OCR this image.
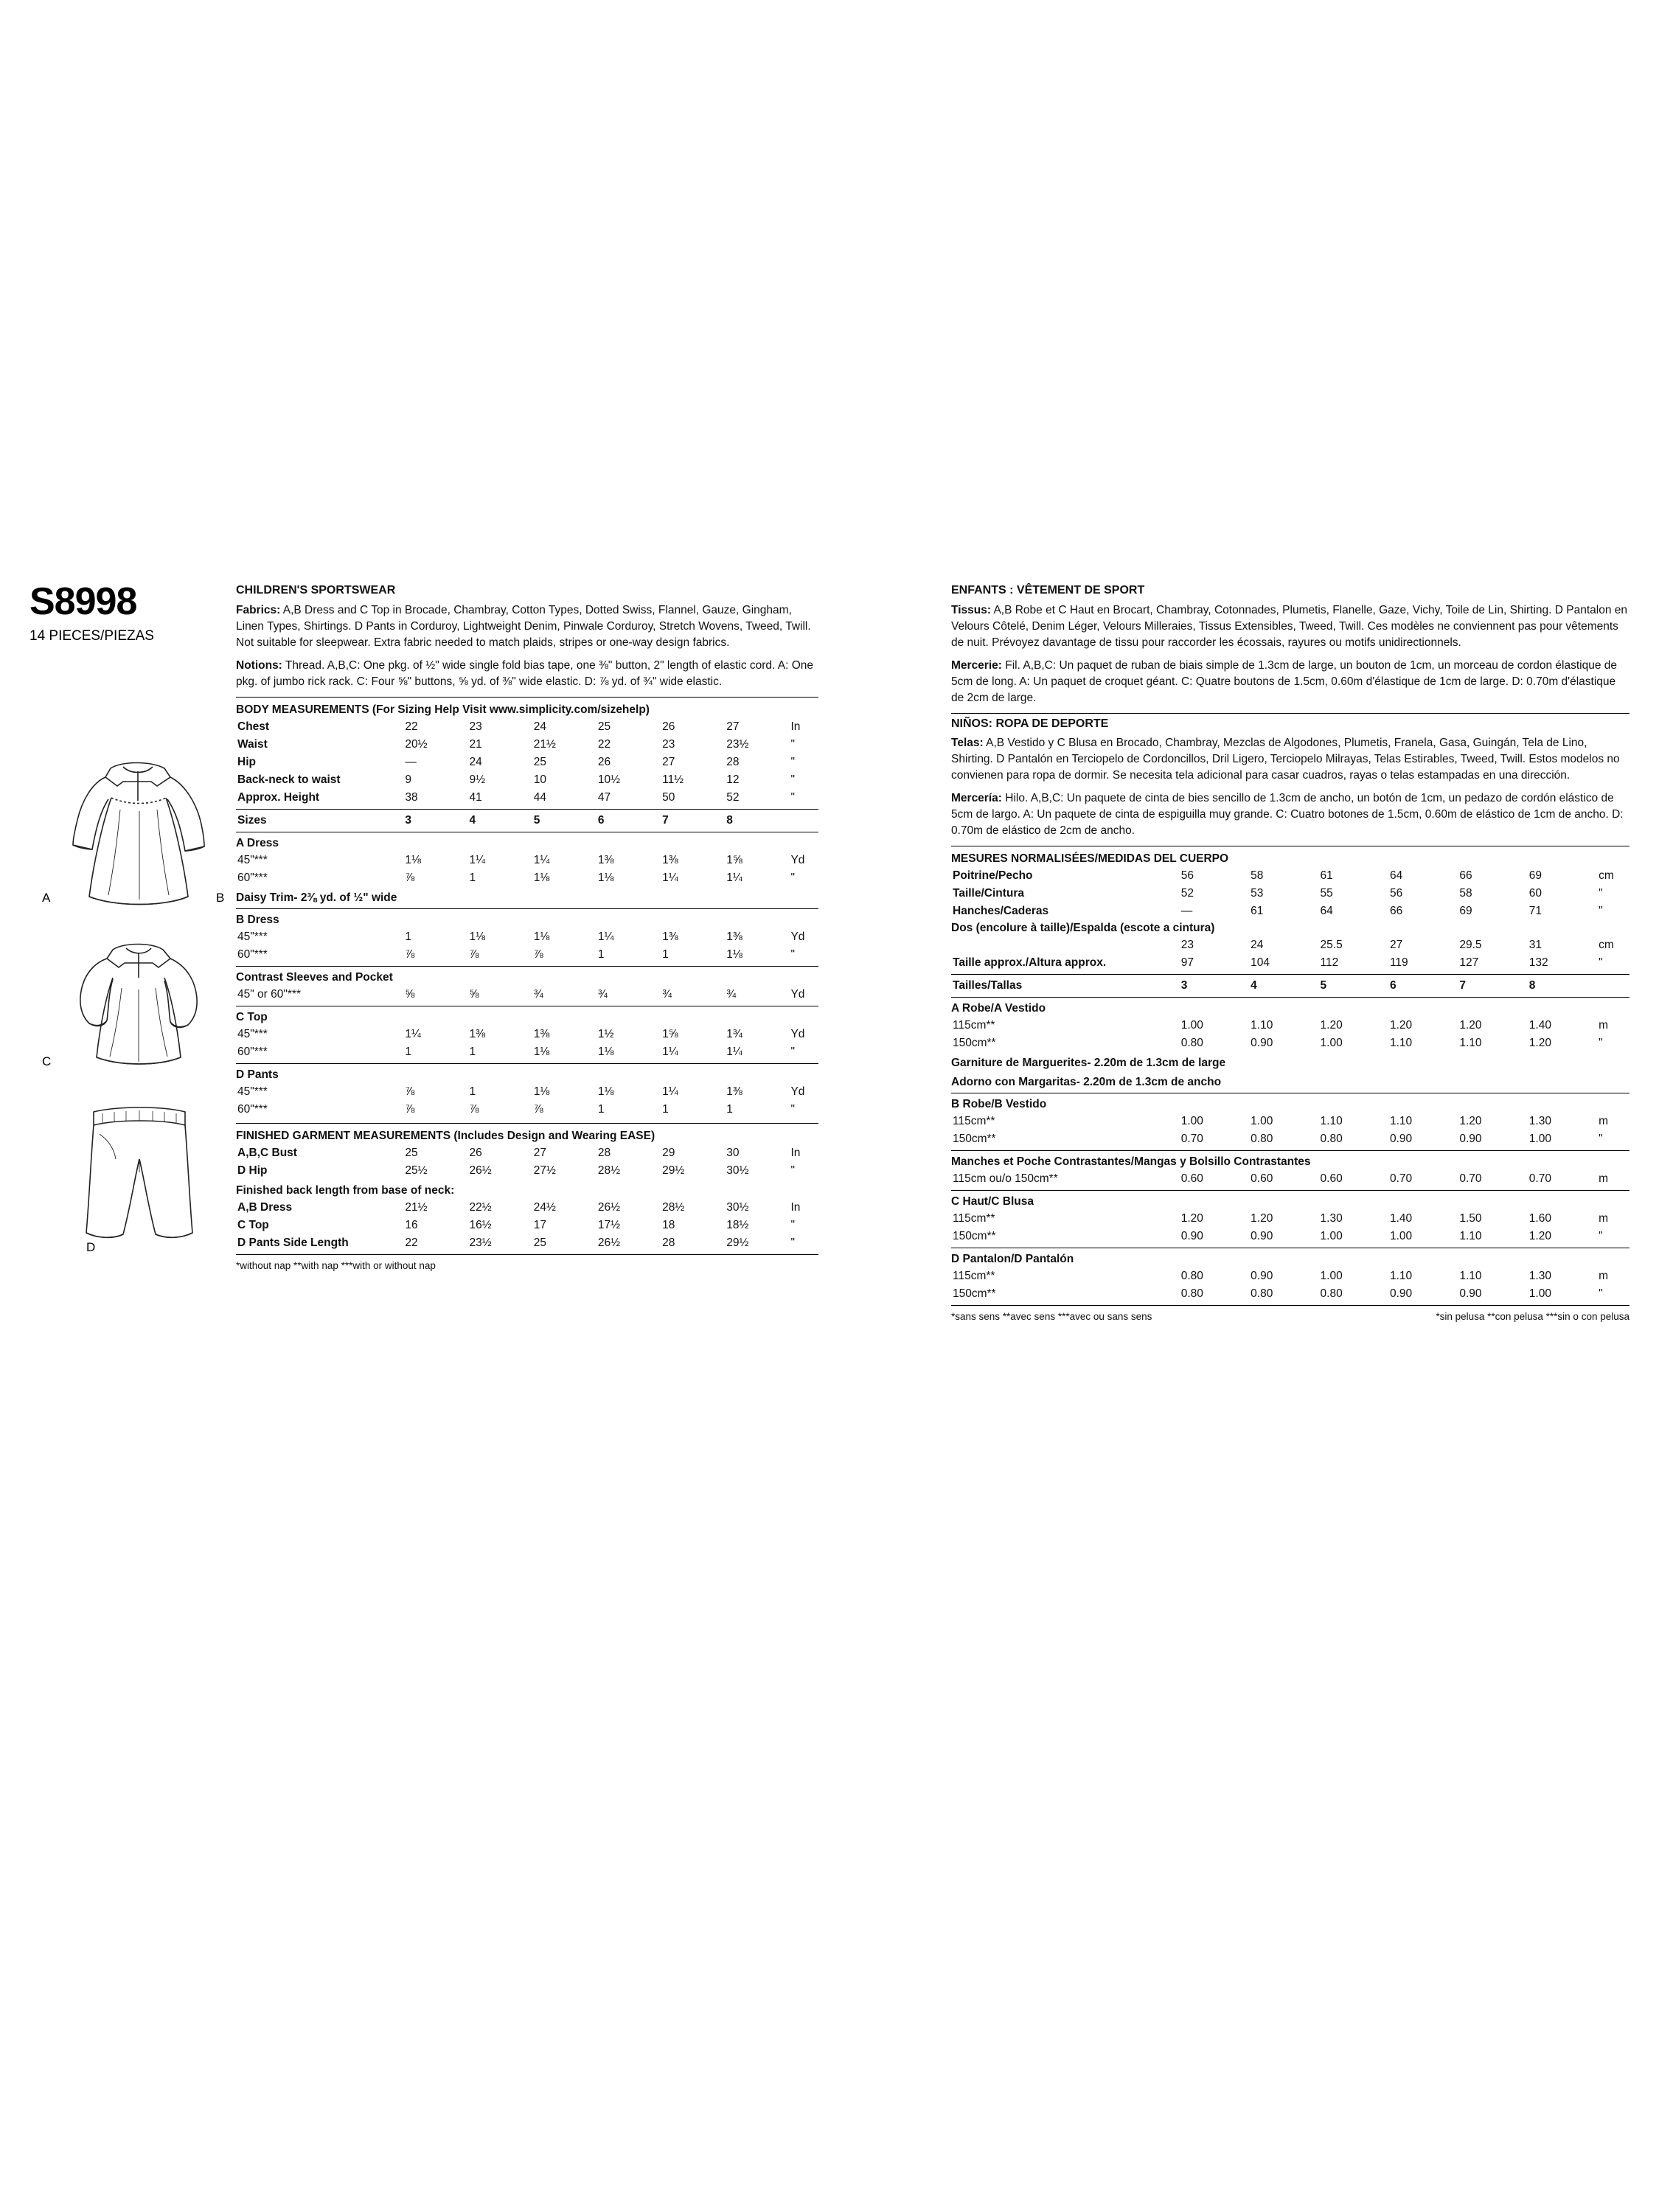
S8998
14 PIECES/PIEZAS
A	B
C
D
CHILDREN'S SPORTSWEAR
Fabrics: A,B Dress and C Top in Brocade, Chambray, Cotton Types, Dotted Swiss, Flannel, Gauze, Gingham, Linen Types, Shirtings. D Pants in Corduroy, Lightweight Denim, Pinwale Corduroy, Stretch Wovens, Tweed, Twill. Not suitable for sleepwear. Extra fabric needed to match plaids, stripes or one-way design fabrics.
Notions: Thread. A,B,C: One pkg. of ½" wide single fold bias tape, one ⅜" button, 2" length of elastic cord. A: One pkg. of jumbo rick rack. C: Four ⅝" buttons, ⅝ yd. of ⅜" wide elastic. D: ⅞ yd. of ¾" wide elastic.
BODY MEASUREMENTS (For Sizing Help Visit www.simplicity.com/sizehelp)
Chest	22	23	24	25	26	27	In
Waist	20½	21	21½	22	23	23½	"
Hip	—	24	25	26	27	28	"
Back-neck to waist	9	9½	10	10½	11½	12	"
Approx. Height	38	41	44	47	50	52	"
Sizes	3	4	5	6	7	8	
A Dress
45"***	1⅛	1¼	1¼	1⅜	1⅜	1⅝	Yd
60"***	⅞	1	1⅛	1⅛	1¼	1¼	"
Daisy Trim- 2⅜ yd. of ½" wide
B Dress
45"***	1	1⅛	1⅛	1¼	1⅜	1⅜	Yd
60"***	⅞	⅞	⅞	1	1	1⅛	"
Contrast Sleeves and Pocket
45" or 60"***	⅝	⅝	¾	¾	¾	¾	Yd
C Top
45"***	1¼	1⅜	1⅜	1½	1⅝	1¾	Yd
60"***	1	1	1⅛	1⅛	1¼	1¼	"
D Pants
45"***	⅞	1	1⅛	1⅛	1¼	1⅜	Yd
60"***	⅞	⅞	⅞	1	1	1	"
FINISHED GARMENT MEASUREMENTS (Includes Design and Wearing EASE)
A,B,C Bust	25	26	27	28	29	30	In
D Hip	25½	26½	27½	28½	29½	30½	"
Finished back length from base of neck:
A,B Dress	21½	22½	24½	26½	28½	30½	In
C Top	16	16½	17	17½	18	18½	"
D Pants Side Length	22	23½	25	26½	28	29½	"
*without nap **with nap ***with or without nap
ENFANTS : VÊTEMENT DE SPORT
Tissus: A,B Robe et C Haut en Brocart, Chambray, Cotonnades, Plumetis, Flanelle, Gaze, Vichy, Toile de Lin, Shirting. D Pantalon en Velours Côtelé, Denim Léger, Velours Milleraies, Tissus Extensibles, Tweed, Twill. Ces modèles ne conviennent pas pour vêtements de nuit. Prévoyez davantage de tissu pour raccorder les écossais, rayures ou motifs unidirectionnels.
Mercerie: Fil. A,B,C: Un paquet de ruban de biais simple de 1.3cm de large, un bouton de 1cm, un morceau de cordon élastique de 5cm de long. A: Un paquet de croquet géant. C: Quatre boutons de 1.5cm, 0.60m d'élastique de 1cm de large. D: 0.70m d'élastique de 2cm de large.
NIÑOS: ROPA DE DEPORTE
Telas: A,B Vestido y C Blusa en Brocado, Chambray, Mezclas de Algodones, Plumetis, Franela, Gasa, Guingán, Tela de Lino, Shirting. D Pantalón en Terciopelo de Cordoncillos, Dril Ligero, Terciopelo Milrayas, Telas Estirables, Tweed, Twill. Estos modelos no convienen para ropa de dormir. Se necesita tela adicional para casar cuadros, rayas o telas estampadas en una dirección.
Mercería: Hilo. A,B,C: Un paquete de cinta de bies sencillo de 1.3cm de ancho, un botón de 1cm, un pedazo de cordón elástico de 5cm de largo. A: Un paquete de cinta de espiguilla muy grande. C: Cuatro botones de 1.5cm, 0.60m de elástico de 1cm de ancho. D: 0.70m de elástico de 2cm de ancho.
MESURES NORMALISÉES/MEDIDAS DEL CUERPO
Poitrine/Pecho	56	58	61	64	66	69	cm
Taille/Cintura	52	53	55	56	58	60	"
Hanches/Caderas	—	61	64	66	69	71	"
Dos (encolure à taille)/Espalda (escote a cintura)
	23	24	25.5	27	29.5	31	cm
Taille approx./Altura approx.	97	104	112	119	127	132	"
Tailles/Tallas	3	4	5	6	7	8	
A Robe/A Vestido
115cm**	1.00	1.10	1.20	1.20	1.20	1.40	m
150cm**	0.80	0.90	1.00	1.10	1.10	1.20	"
Garniture de Marguerites- 2.20m de 1.3cm de large
Adorno con Margaritas- 2.20m de 1.3cm de ancho
B Robe/B Vestido
115cm**	1.00	1.00	1.10	1.10	1.20	1.30	m
150cm**	0.70	0.80	0.80	0.90	0.90	1.00	"
Manches et Poche Contrastantes/Mangas y Bolsillo Contrastantes
115cm ou/o 150cm**	0.60	0.60	0.60	0.70	0.70	0.70	m
C Haut/C Blusa
115cm**	1.20	1.20	1.30	1.40	1.50	1.60	m
150cm**	0.90	0.90	1.00	1.00	1.10	1.20	"
D Pantalon/D Pantalón
115cm**	0.80	0.90	1.00	1.10	1.10	1.30	m
150cm**	0.80	0.80	0.80	0.90	0.90	1.00	"
*sans sens **avec sens ***avec ou sans sens	*sin pelusa **con pelusa ***sin o con pelusa
